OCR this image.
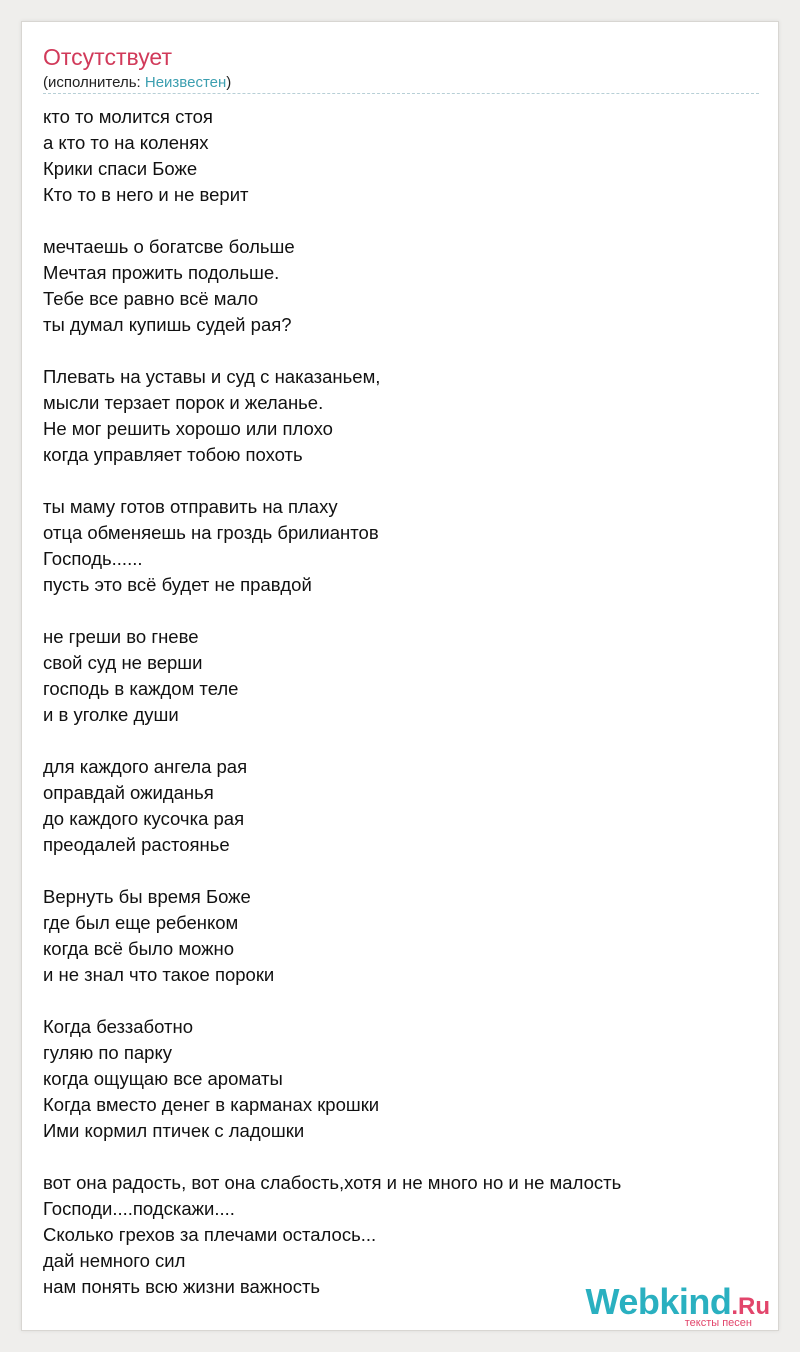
Отсутствует
(исполнитель: Неизвестен)
кто то молится стоя
а кто то на коленях
Крики спаси Боже
Кто то в него и не верит
мечтаешь о богатсве больше
Мечтая прожить подольше.
Тебе все равно всё мало
ты думал купишь судей рая?
Плевать на уставы и суд с наказаньем,
мысли терзает порок и желанье.
Не мог решить хорошо или плохо
когда управляет тобою похоть
ты маму готов отправить на плаху
отца обменяешь на гроздь брилиантов
Господь......
пусть это всё будет не правдой
не греши во гневе
свой суд не верши
господь в каждом теле
и в уголке души
для каждого ангела рая
оправдай ожиданья
до каждого кусочка рая
преодалей растоянье
Вернуть бы время Боже
где был еще ребенком
когда всё было можно
и не знал что такое пороки
Когда беззаботно
гуляю по парку
когда ощущаю все ароматы
Когда вместо денег в карманах крошки
Ими кормил птичек с ладошки
вот она радость, вот она слабость,хотя и не много но и не малость
Господи....подскажи....
Сколько грехов за плечами осталось...
дай немного сил
нам понять всю жизни важность	Webkind.Ru
тексты песен
